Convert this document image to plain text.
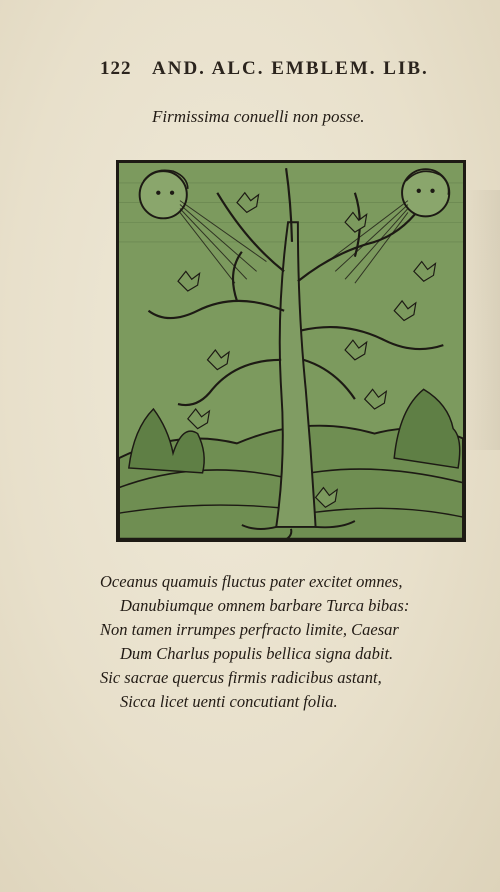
122 AND. ALC. EMBLEM. LIB.
Firmissima conuelli non posse.
Oceanus quamuis fluctus pater excitet omnes,
Danubiumque omnem barbare Turca bibas:
Non tamen irrumpes perfracto limite, Caesar
Dum Charlus populis bellica signa dabit.
Sic sacrae quercus firmis radicibus astant,
Sicca licet uenti concutiant folia.
